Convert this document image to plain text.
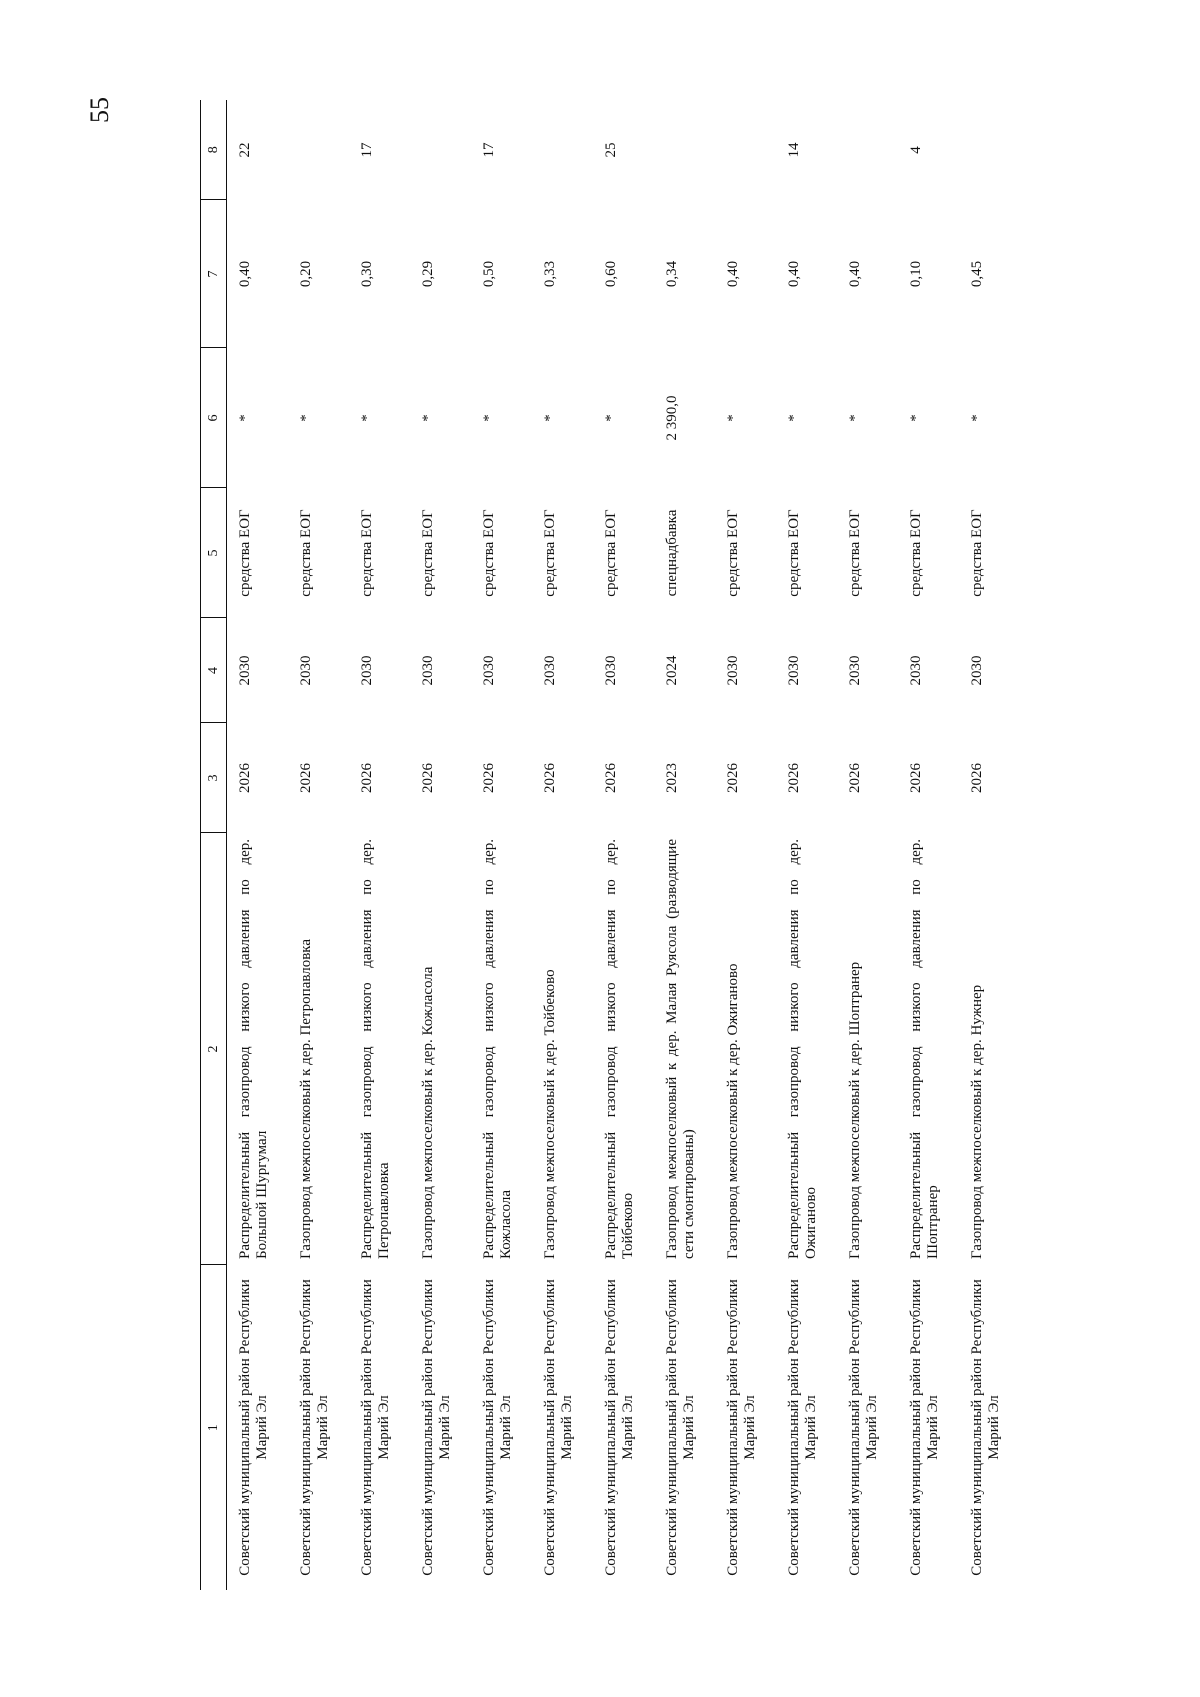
55
1	2	3	4	5	6	7	8
Советский муниципальный район Республики Марий Эл	Распределительный газопровод низкого давления по дер. Большой Шургумал	2026	2030	средства ЕОГ	*	0,40	22
Советский муниципальный район Республики Марий Эл	Газопровод межпоселковый к дер. Петропавловка	2026	2030	средства ЕОГ	*	0,20	
Советский муниципальный район Республики Марий Эл	Распределительный газопровод низкого давления по дер. Петропавловка	2026	2030	средства ЕОГ	*	0,30	17
Советский муниципальный район Республики Марий Эл	Газопровод межпоселковый к дер. Кожласола	2026	2030	средства ЕОГ	*	0,29	
Советский муниципальный район Республики Марий Эл	Распределительный газопровод низкого давления по дер. Кожласола	2026	2030	средства ЕОГ	*	0,50	17
Советский муниципальный район Республики Марий Эл	Газопровод межпоселковый к дер. Тойбеково	2026	2030	средства ЕОГ	*	0,33	
Советский муниципальный район Республики Марий Эл	Распределительный газопровод низкого давления по дер. Тойбеково	2026	2030	средства ЕОГ	*	0,60	25
Советский муниципальный район Республики Марий Эл	Газопровод межпоселковый к дер. Малая Руясола (разводящие сети смонтированы)	2023	2024	спецнадбавка	2 390,0	0,34	
Советский муниципальный район Республики Марий Эл	Газопровод межпоселковый к дер. Ожиганово	2026	2030	средства ЕОГ	*	0,40	
Советский муниципальный район Республики Марий Эл	Распределительный газопровод низкого давления по дер. Ожиганово	2026	2030	средства ЕОГ	*	0,40	14
Советский муниципальный район Республики Марий Эл	Газопровод межпоселковый к дер. Шоптранер	2026	2030	средства ЕОГ	*	0,40	
Советский муниципальный район Республики Марий Эл	Распределительный газопровод низкого давления по дер. Шоптранер	2026	2030	средства ЕОГ	*	0,10	4
Советский муниципальный район Республики Марий Эл	Газопровод межпоселковый к дер. Нужнер	2026	2030	средства ЕОГ	*	0,45	
